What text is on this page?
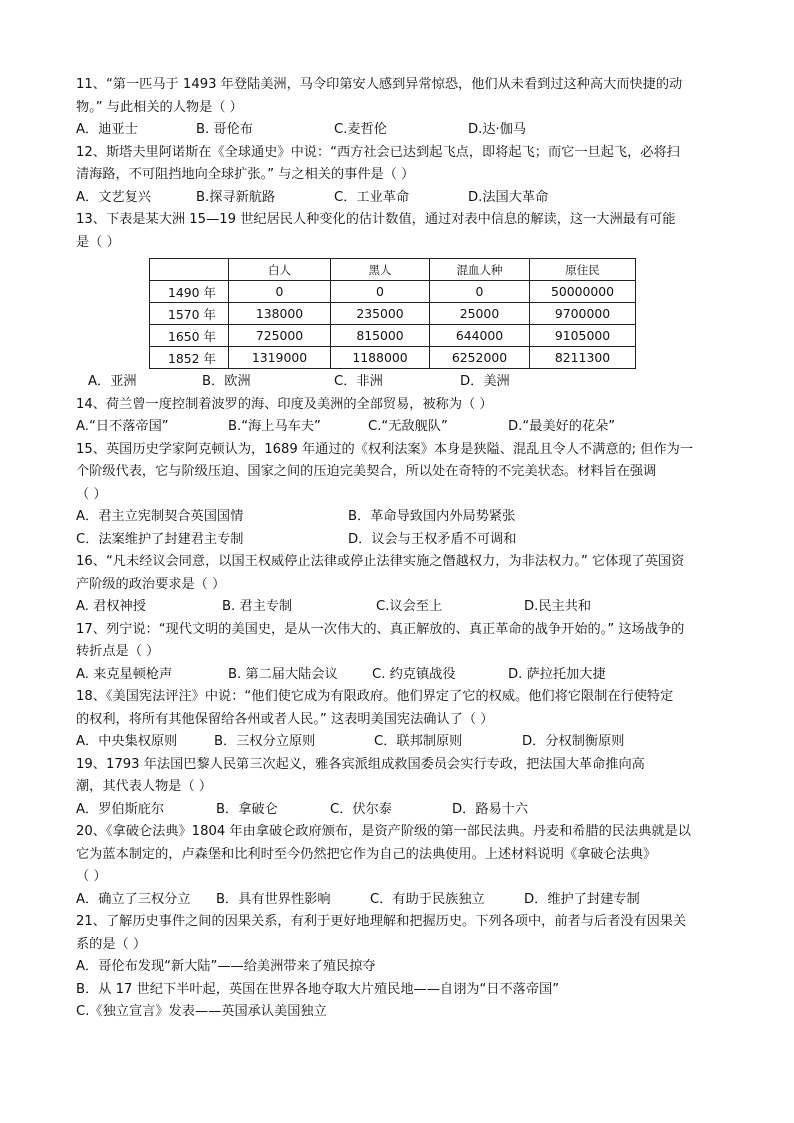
11、“第一匹马于 1493 年登陆美洲，马令印第安人感到异常惊恐，他们从未看到过这种高大而快捷的动
物。” 与此相关的人物是（ ）
A．迪亚士	B. 哥伦布	C.麦哲伦	D.达·伽马
12、斯塔夫里阿诺斯在《全球通史》中说：“西方社会已达到起飞点，即将起飞；而它一旦起飞，必将扫
清海路，不可阻挡地向全球扩张。” 与之相关的事件是（ ）
A．文艺复兴	B.探寻新航路	C．工业革命	D.法国大革命
13、下表是某大洲 15—19 世纪居民人种变化的估计数值，通过对表中信息的解读，这一大洲最有可能
是（ ）
	白人	黑人	混血人种	原住民
1490 年	0	0	0	50000000
1570 年	138000	235000	25000	9700000
1650 年	725000	815000	644000	9105000
1852 年	1319000	1188000	6252000	8211300
A．亚洲	B．欧洲	C．非洲	D．美洲
14、荷兰曾一度控制着波罗的海、印度及美洲的全部贸易，被称为（ ）
A.“日不落帝国”	B.“海上马车夫”	C.“无敌舰队”	D.“最美好的花朵”
15、英国历史学家阿克顿认为，1689 年通过的《权利法案》本身是狭隘、混乱且令人不满意的; 但作为一
个阶级代表，它与阶级压迫、国家之间的压迫完美契合，所以处在奇特的不完美状态。材料旨在强调
（ ）
A．君主立宪制契合英国国情	B．革命导致国内外局势紧张
C．法案维护了封建君主专制	D．议会与王权矛盾不可调和
16、“凡未经议会同意，以国王权威停止法律或停止法律实施之僭越权力，为非法权力。” 它体现了英国资
产阶级的政治要求是（ ）
A. 君权神授	B. 君主专制	C.议会至上	D.民主共和
17、列宁说：“现代文明的美国史，是从一次伟大的、真正解放的、真正革命的战争开始的。” 这场战争的
转折点是（ ）
A. 来克星顿枪声	B. 第二届大陆会议	C. 约克镇战役	D. 萨拉托加大捷
18、《美国宪法评注》中说：“他们使它成为有限政府。他们界定了它的权威。他们将它限制在行使特定
的权利，将所有其他保留给各州或者人民。” 这表明美国宪法确认了（ ）
A．中央集权原则	B．三权分立原则	C．联邦制原则	D．分权制衡原则
19、1793 年法国巴黎人民第三次起义，雅各宾派组成救国委员会实行专政，把法国大革命推向高
潮，其代表人物是（ ）
A．罗伯斯庇尔	B．拿破仑	C．伏尔泰	D．路易十六
20、《拿破仑法典》1804 年由拿破仑政府颁布，是资产阶级的第一部民法典。丹麦和希腊的民法典就是以
它为蓝本制定的，卢森堡和比利时至今仍然把它作为自己的法典使用。上述材料说明《拿破仑法典》
（ ）
A．确立了三权分立 B．具有世界性影响	C．有助于民族独立	D．维护了封建专制
21、了解历史事件之间的因果关系，有利于更好地理解和把握历史。下列各项中，前者与后者没有因果关
系的是（ ）
A．哥伦布发现“新大陆”——给美洲带来了殖民掠夺
B．从 17 世纪下半叶起，英国在世界各地夺取大片殖民地——自诩为“日不落帝国”
C.《独立宣言》发表——英国承认美国独立
